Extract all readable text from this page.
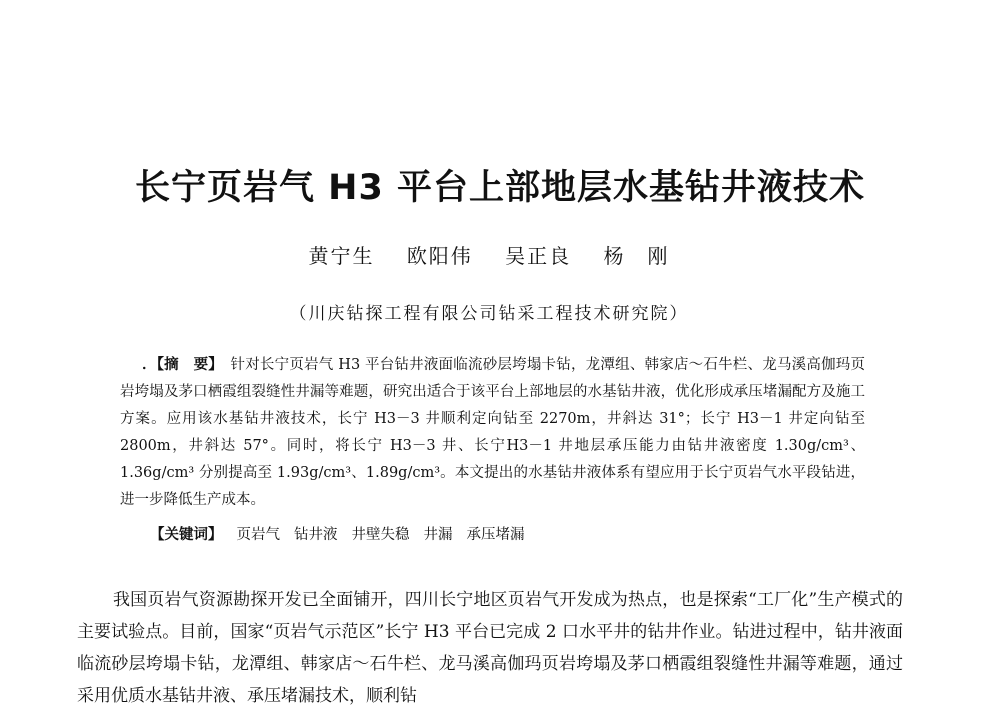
长宁页岩气 H3 平台上部地层水基钻井液技术
黄宁生 欧阳伟 吴正良 杨　刚
（川庆钻探工程有限公司钻采工程技术研究院）
．【摘　要】　 针对长宁页岩气 H3 平台钻井液面临流砂层垮塌卡钻，龙潭组、韩家店～石牛栏、龙马溪高伽玛页岩垮塌及茅口栖霞组裂缝性井漏等难题，研究出适合于该平台上部地层的水基钻井液，优化形成承压堵漏配方及施工方案。应用该水基钻井液技术，长宁 H3－3 井顺利定向钻至 2270m，井斜达 31°；长宁 H3－1 井定向钻至 2800m，井斜达 57°。同时，将长宁 H3－3 井、长宁H3－1 井地层承压能力由钻井液密度 1.30g/cm³、1.36g/cm³ 分别提高至 1.93g/cm³、1.89g/cm³。本文提出的水基钻井液体系有望应用于长宁页岩气水平段钻进，进一步降低生产成本。
【关键词】 页岩气 钻井液 井壁失稳 井漏 承压堵漏
我国页岩气资源勘探开发已全面铺开，四川长宁地区页岩气开发成为热点，也是探索“工厂化”生产模式的主要试验点。目前，国家“页岩气示范区”长宁 H3 平台已完成 2 口水平井的钻井作业。钻进过程中，钻井液面临流砂层垮塌卡钻，龙潭组、韩家店～石牛栏、龙马溪高伽玛页岩垮塌及茅口栖霞组裂缝性井漏等难题，通过采用优质水基钻井液、承压堵漏技术，顺利钻
